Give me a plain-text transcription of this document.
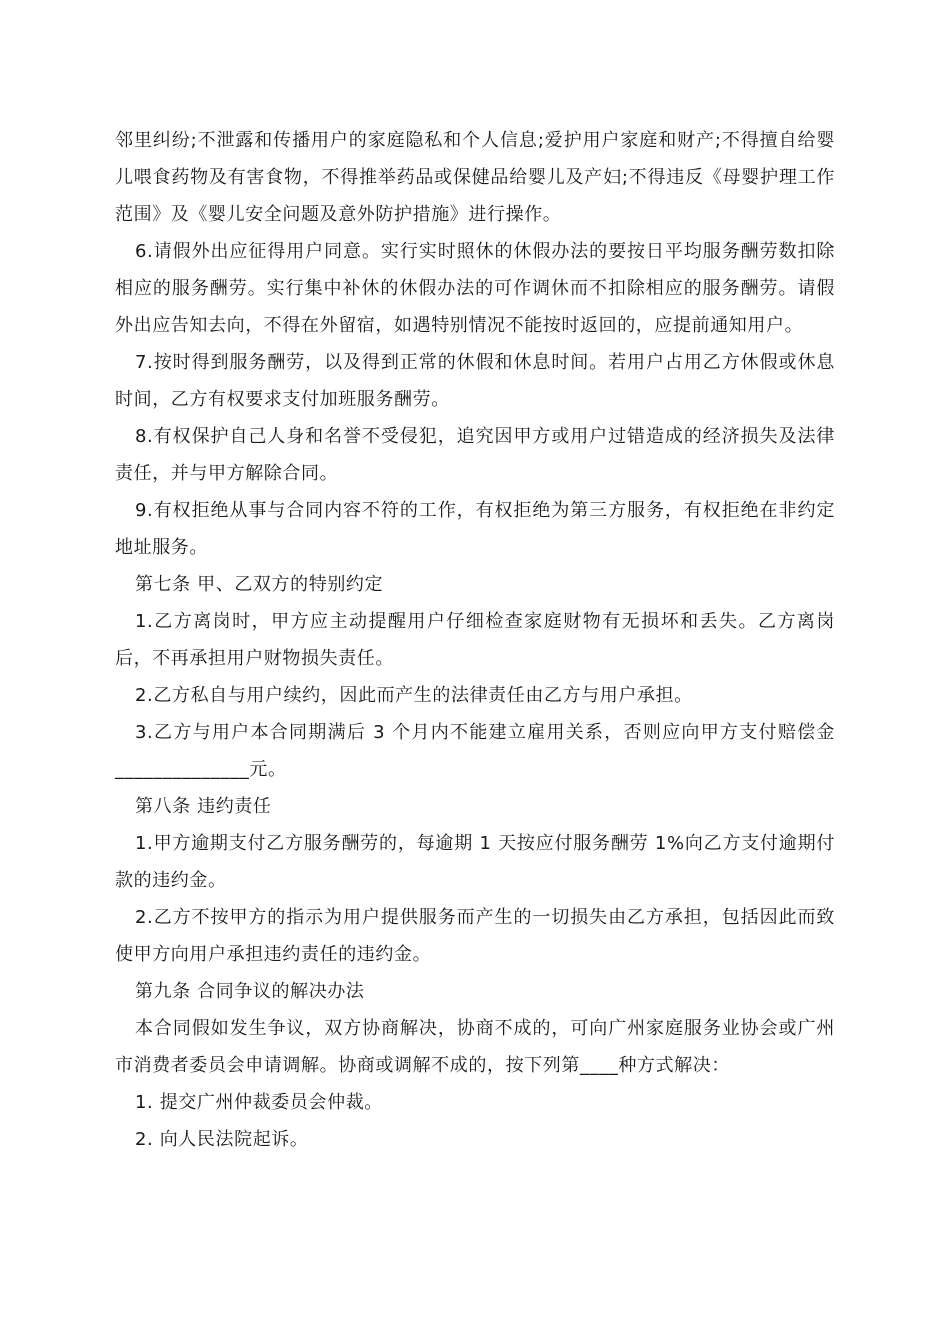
邻里纠纷;不泄露和传播用户的家庭隐私和个人信息;爱护用户家庭和财产;不得擅自给婴儿喂食药物及有害食物，不得推举药品或保健品给婴儿及产妇;不得违反《母婴护理工作范围》及《婴儿安全问题及意外防护措施》进行操作。

6.请假外出应征得用户同意。实行实时照休的休假办法的要按日平均服务酬劳数扣除相应的服务酬劳。实行集中补休的休假办法的可作调休而不扣除相应的服务酬劳。请假外出应告知去向，不得在外留宿，如遇特别情况不能按时返回的，应提前通知用户。

7.按时得到服务酬劳，以及得到正常的休假和休息时间。若用户占用乙方休假或休息时间，乙方有权要求支付加班服务酬劳。

8.有权保护自己人身和名誉不受侵犯，追究因甲方或用户过错造成的经济损失及法律责任，并与甲方解除合同。

9.有权拒绝从事与合同内容不符的工作，有权拒绝为第三方服务，有权拒绝在非约定地址服务。

第七条 甲、乙双方的特别约定

1.乙方离岗时，甲方应主动提醒用户仔细检查家庭财物有无损坏和丢失。乙方离岗后，不再承担用户财物损失责任。

2.乙方私自与用户续约，因此而产生的法律责任由乙方与用户承担。

3.乙方与用户本合同期满后 3 个月内不能建立雇用关系，否则应向甲方支付赔偿金______________元。

第八条 违约责任

1.甲方逾期支付乙方服务酬劳的，每逾期 1 天按应付服务酬劳 1%向乙方支付逾期付款的违约金。

2.乙方不按甲方的指示为用户提供服务而产生的一切损失由乙方承担，包括因此而致使甲方向用户承担违约责任的违约金。

第九条 合同争议的解决办法

本合同假如发生争议，双方协商解决，协商不成的，可向广州家庭服务业协会或广州市消费者委员会申请调解。协商或调解不成的，按下列第____种方式解决：

1. 提交广州仲裁委员会仲裁。

2. 向人民法院起诉。
